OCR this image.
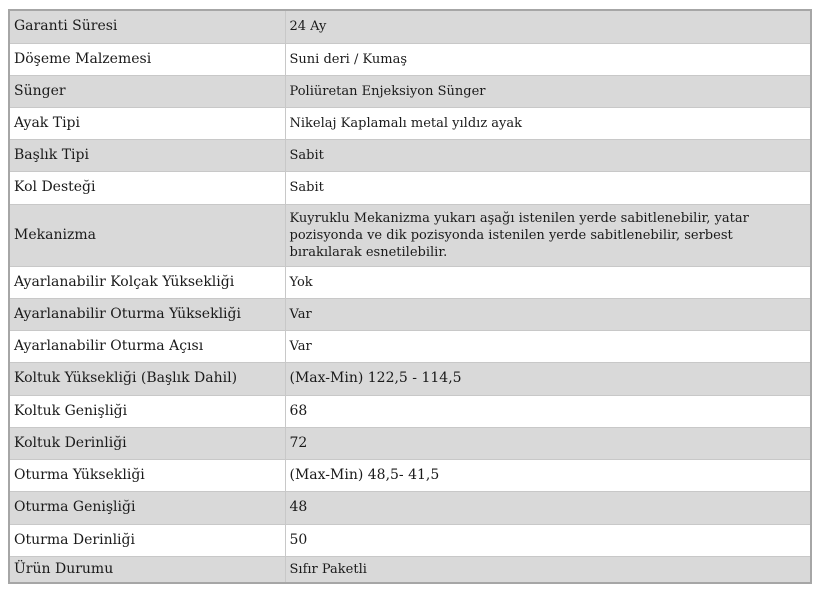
Garanti Süresi	24 Ay
Döşeme Malzemesi	Suni deri / Kumaş
Sünger	Poliüretan Enjeksiyon Sünger
Ayak Tipi	Nikelaj Kaplamalı metal yıldız ayak
Başlık Tipi	Sabit
Kol Desteği	Sabit
Mekanizma	Kuyruklu Mekanizma yukarı aşağı istenilen yerde sabitlenebilir, yatar pozisyonda ve dik pozisyonda istenilen yerde sabitlenebilir, serbest bırakılarak esnetilebilir.
Ayarlanabilir Kolçak Yüksekliği	Yok
Ayarlanabilir Oturma Yüksekliği	Var
Ayarlanabilir Oturma Açısı	Var
Koltuk Yüksekliği (Başlık Dahil)	(Max-Min) 122,5 - 114,5
Koltuk Genişliği	68
Koltuk Derinliği	72
Oturma Yüksekliği	(Max-Min) 48,5- 41,5
Oturma Genişliği	48
Oturma Derinliği	50
Ürün Durumu	Sıfır Paketli
